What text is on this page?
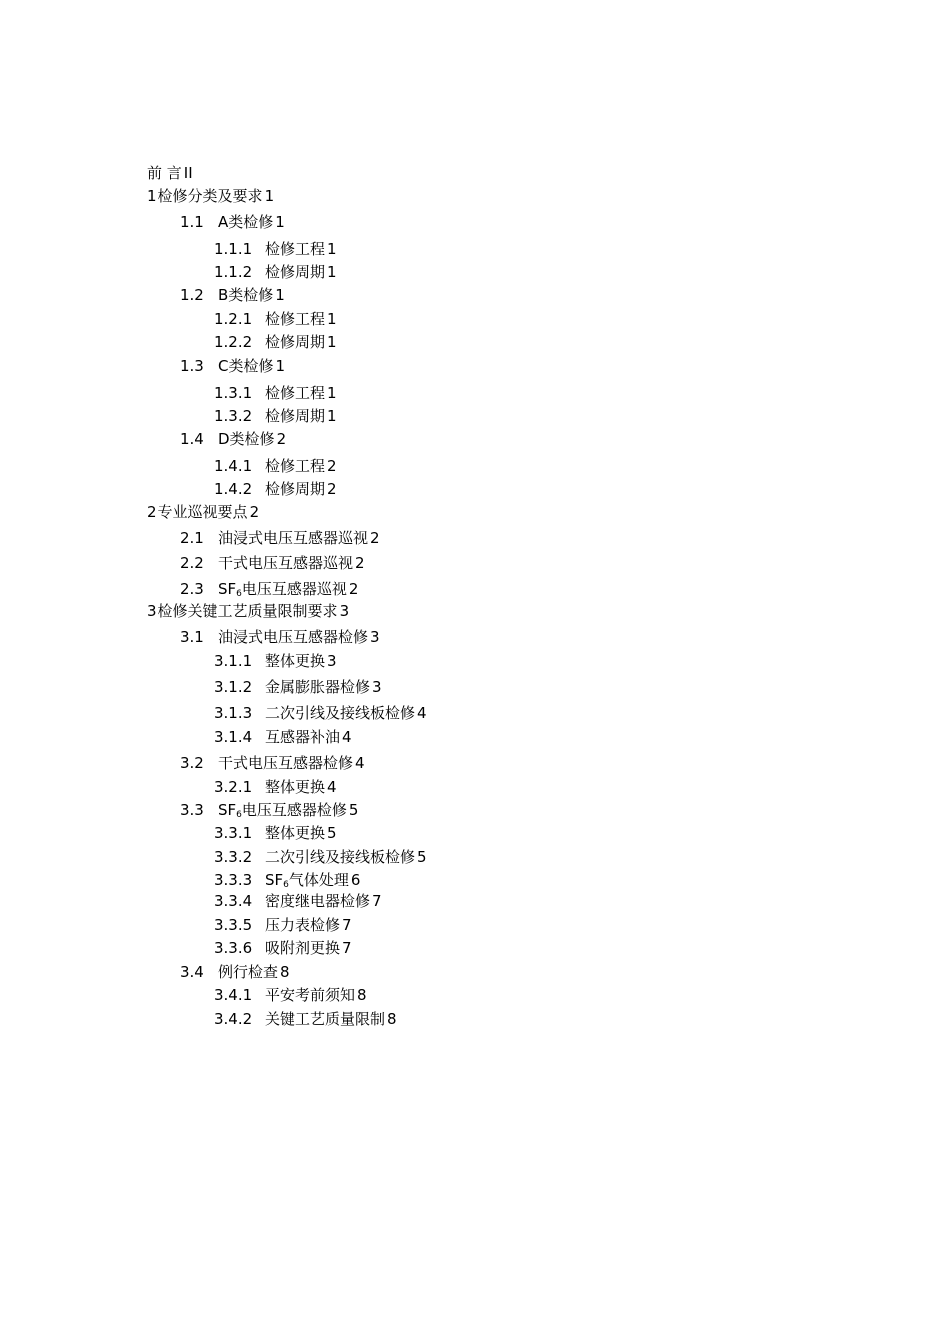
前 言 II
1检修分类及要求 1
1.1 A类检修 1
1.1.1 检修工程 1
1.1.2 检修周期 1
1.2 B类检修 1
1.2.1 检修工程 1
1.2.2 检修周期 1
1.3 C类检修 1
1.3.1 检修工程 1
1.3.2 检修周期 1
1.4 D类检修 2
1.4.1 检修工程 2
1.4.2 检修周期 2
2专业巡视要点 2
2.1 油浸式电压互感器巡视 2
2.2 干式电压互感器巡视 2
2.3 $SF_6$电压互感器巡视 2
3检修关键工艺质量限制要求 3
3.1 油浸式电压互感器检修 3
3.1.1 整体更换 3
3.1.2 金属膨胀器检修 3
3.1.3 二次引线及接线板检修 4
3.1.4 互感器补油 4
3.2 干式电压互感器检修 4
3.2.1 整体更换 4
3.3 $SF_6$电压互感器检修 5
3.3.1 整体更换 5
3.3.2 二次引线及接线板检修 5
3.3.3 $SF_6$气体处理 6
3.3.4 密度继电器检修 7
3.3.5 压力表检修 7
3.3.6 吸附剂更换 7
3.4 例行检查 8
3.4.1 平安考前须知 8
3.4.2 关键工艺质量限制 8
